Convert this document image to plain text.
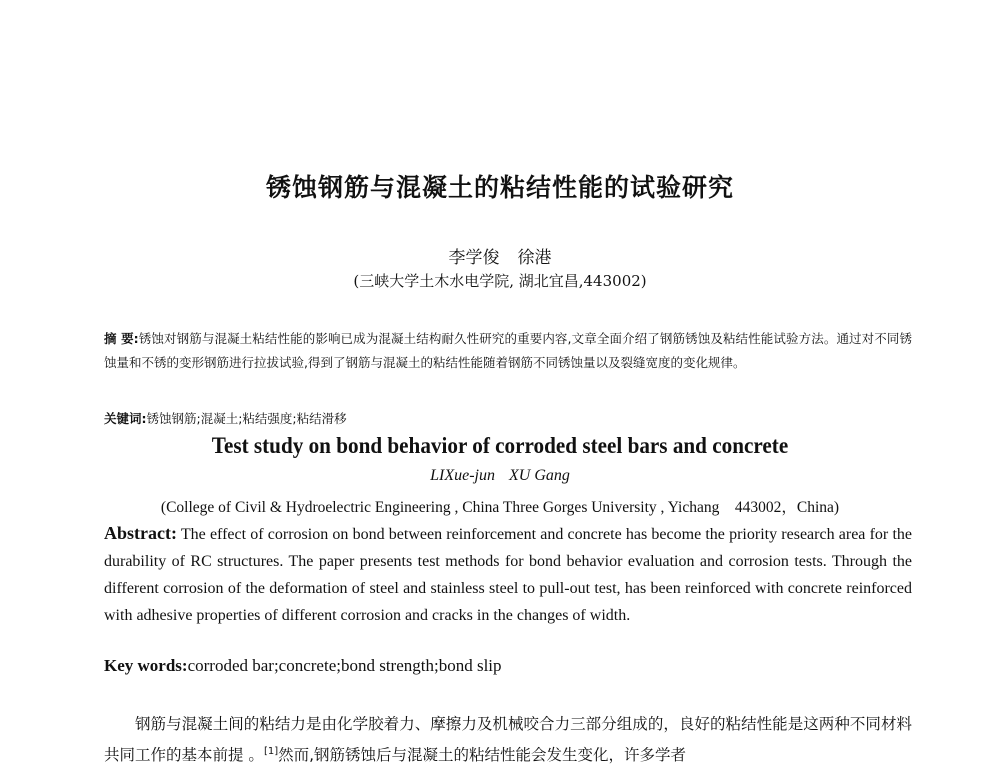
锈蚀钢筋与混凝土的粘结性能的试验研究
李学俊 徐港
(三峡大学土木水电学院, 湖北宜昌,443002)
摘 要:锈蚀对钢筋与混凝土粘结性能的影响已成为混凝土结构耐久性研究的重要内容,文章全面介绍了钢筋锈蚀及粘结性能试验方法。通过对不同锈蚀量和不锈的变形钢筋进行拉拔试验,得到了钢筋与混凝土的粘结性能随着钢筋不同锈蚀量以及裂缝宽度的变化规律。
关键词:锈蚀钢筋;混凝土;粘结强度;粘结滑移
Test study on bond behavior of corroded steel bars and concrete
LIXue-jun XU Gang
(College of Civil & Hydroelectric Engineering , China Three Gorges University , Yichang    443002，China)
Abstract: The effect of corrosion on bond between reinforcement and concrete has become the priority research area for the durability of RC structures. The paper presents test methods for bond behavior evaluation and corrosion tests. Through the different corrosion of the deformation of steel and stainless steel to pull-out test, has been reinforced with concrete reinforced with adhesive properties of different corrosion and cracks in the changes of width.
Key words:corroded bar;concrete;bond strength;bond slip
钢筋与混凝土间的粘结力是由化学胶着力、摩擦力及机械咬合力三部分组成的，良好的粘结性能是这两种不同材料共同工作的基本前提 。[1]然而,钢筋锈蚀后与混凝土的粘结性能会发生变化，许多学者
